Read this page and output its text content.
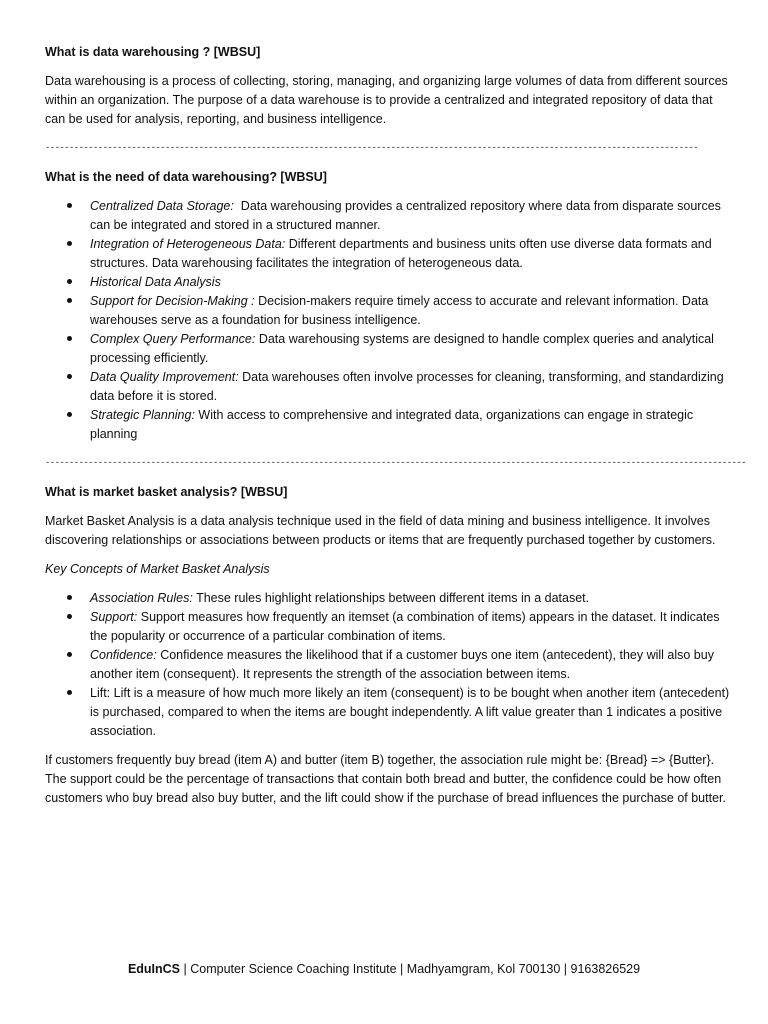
What is data warehousing ? [WBSU]

Data warehousing is a process of collecting, storing, managing, and organizing large volumes of data from different sources within an organization. The purpose of a data warehouse is to provide a centralized and integrated repository of data that can be used for analysis, reporting, and business intelligence.

----------------------------------------------------------------------------------------------------------------------------------------
What is the need of data warehousing? [WBSU]
Centralized Data Storage:  Data warehousing provides a centralized repository where data from disparate sources can be integrated and stored in a structured manner.
Integration of Heterogeneous Data: Different departments and business units often use diverse data formats and structures. Data warehousing facilitates the integration of heterogeneous data.
Historical Data Analysis
Support for Decision-Making : Decision-makers require timely access to accurate and relevant information. Data warehouses serve as a foundation for business intelligence.
Complex Query Performance: Data warehousing systems are designed to handle complex queries and analytical processing efficiently.
Data Quality Improvement: Data warehouses often involve processes for cleaning, transforming, and standardizing data before it is stored.
Strategic Planning: With access to comprehensive and integrated data, organizations can engage in strategic planning
--------------------------------------------------------------------------------------------------------------------------------------------------
What is market basket analysis? [WBSU]

Market Basket Analysis is a data analysis technique used in the field of data mining and business intelligence. It involves discovering relationships or associations between products or items that are frequently purchased together by customers.

Key Concepts of Market Basket Analysis

Association Rules: These rules highlight relationships between different items in a dataset.
Support: Support measures how frequently an itemset (a combination of items) appears in the dataset. It indicates the popularity or occurrence of a particular combination of items.
Confidence: Confidence measures the likelihood that if a customer buys one item (antecedent), they will also buy another item (consequent). It represents the strength of the association between items.
Lift: Lift is a measure of how much more likely an item (consequent) is to be bought when another item (antecedent) is purchased, compared to when the items are bought independently. A lift value greater than 1 indicates a positive association.

If customers frequently buy bread (item A) and butter (item B) together, the association rule might be: {Bread} => {Butter}. The support could be the percentage of transactions that contain both bread and butter, the confidence could be how often customers who buy bread also buy butter, and the lift could show if the purchase of bread influences the purchase of butter.

EduInCS | Computer Science Coaching Institute | Madhyamgram, Kol 700130 | 9163826529
